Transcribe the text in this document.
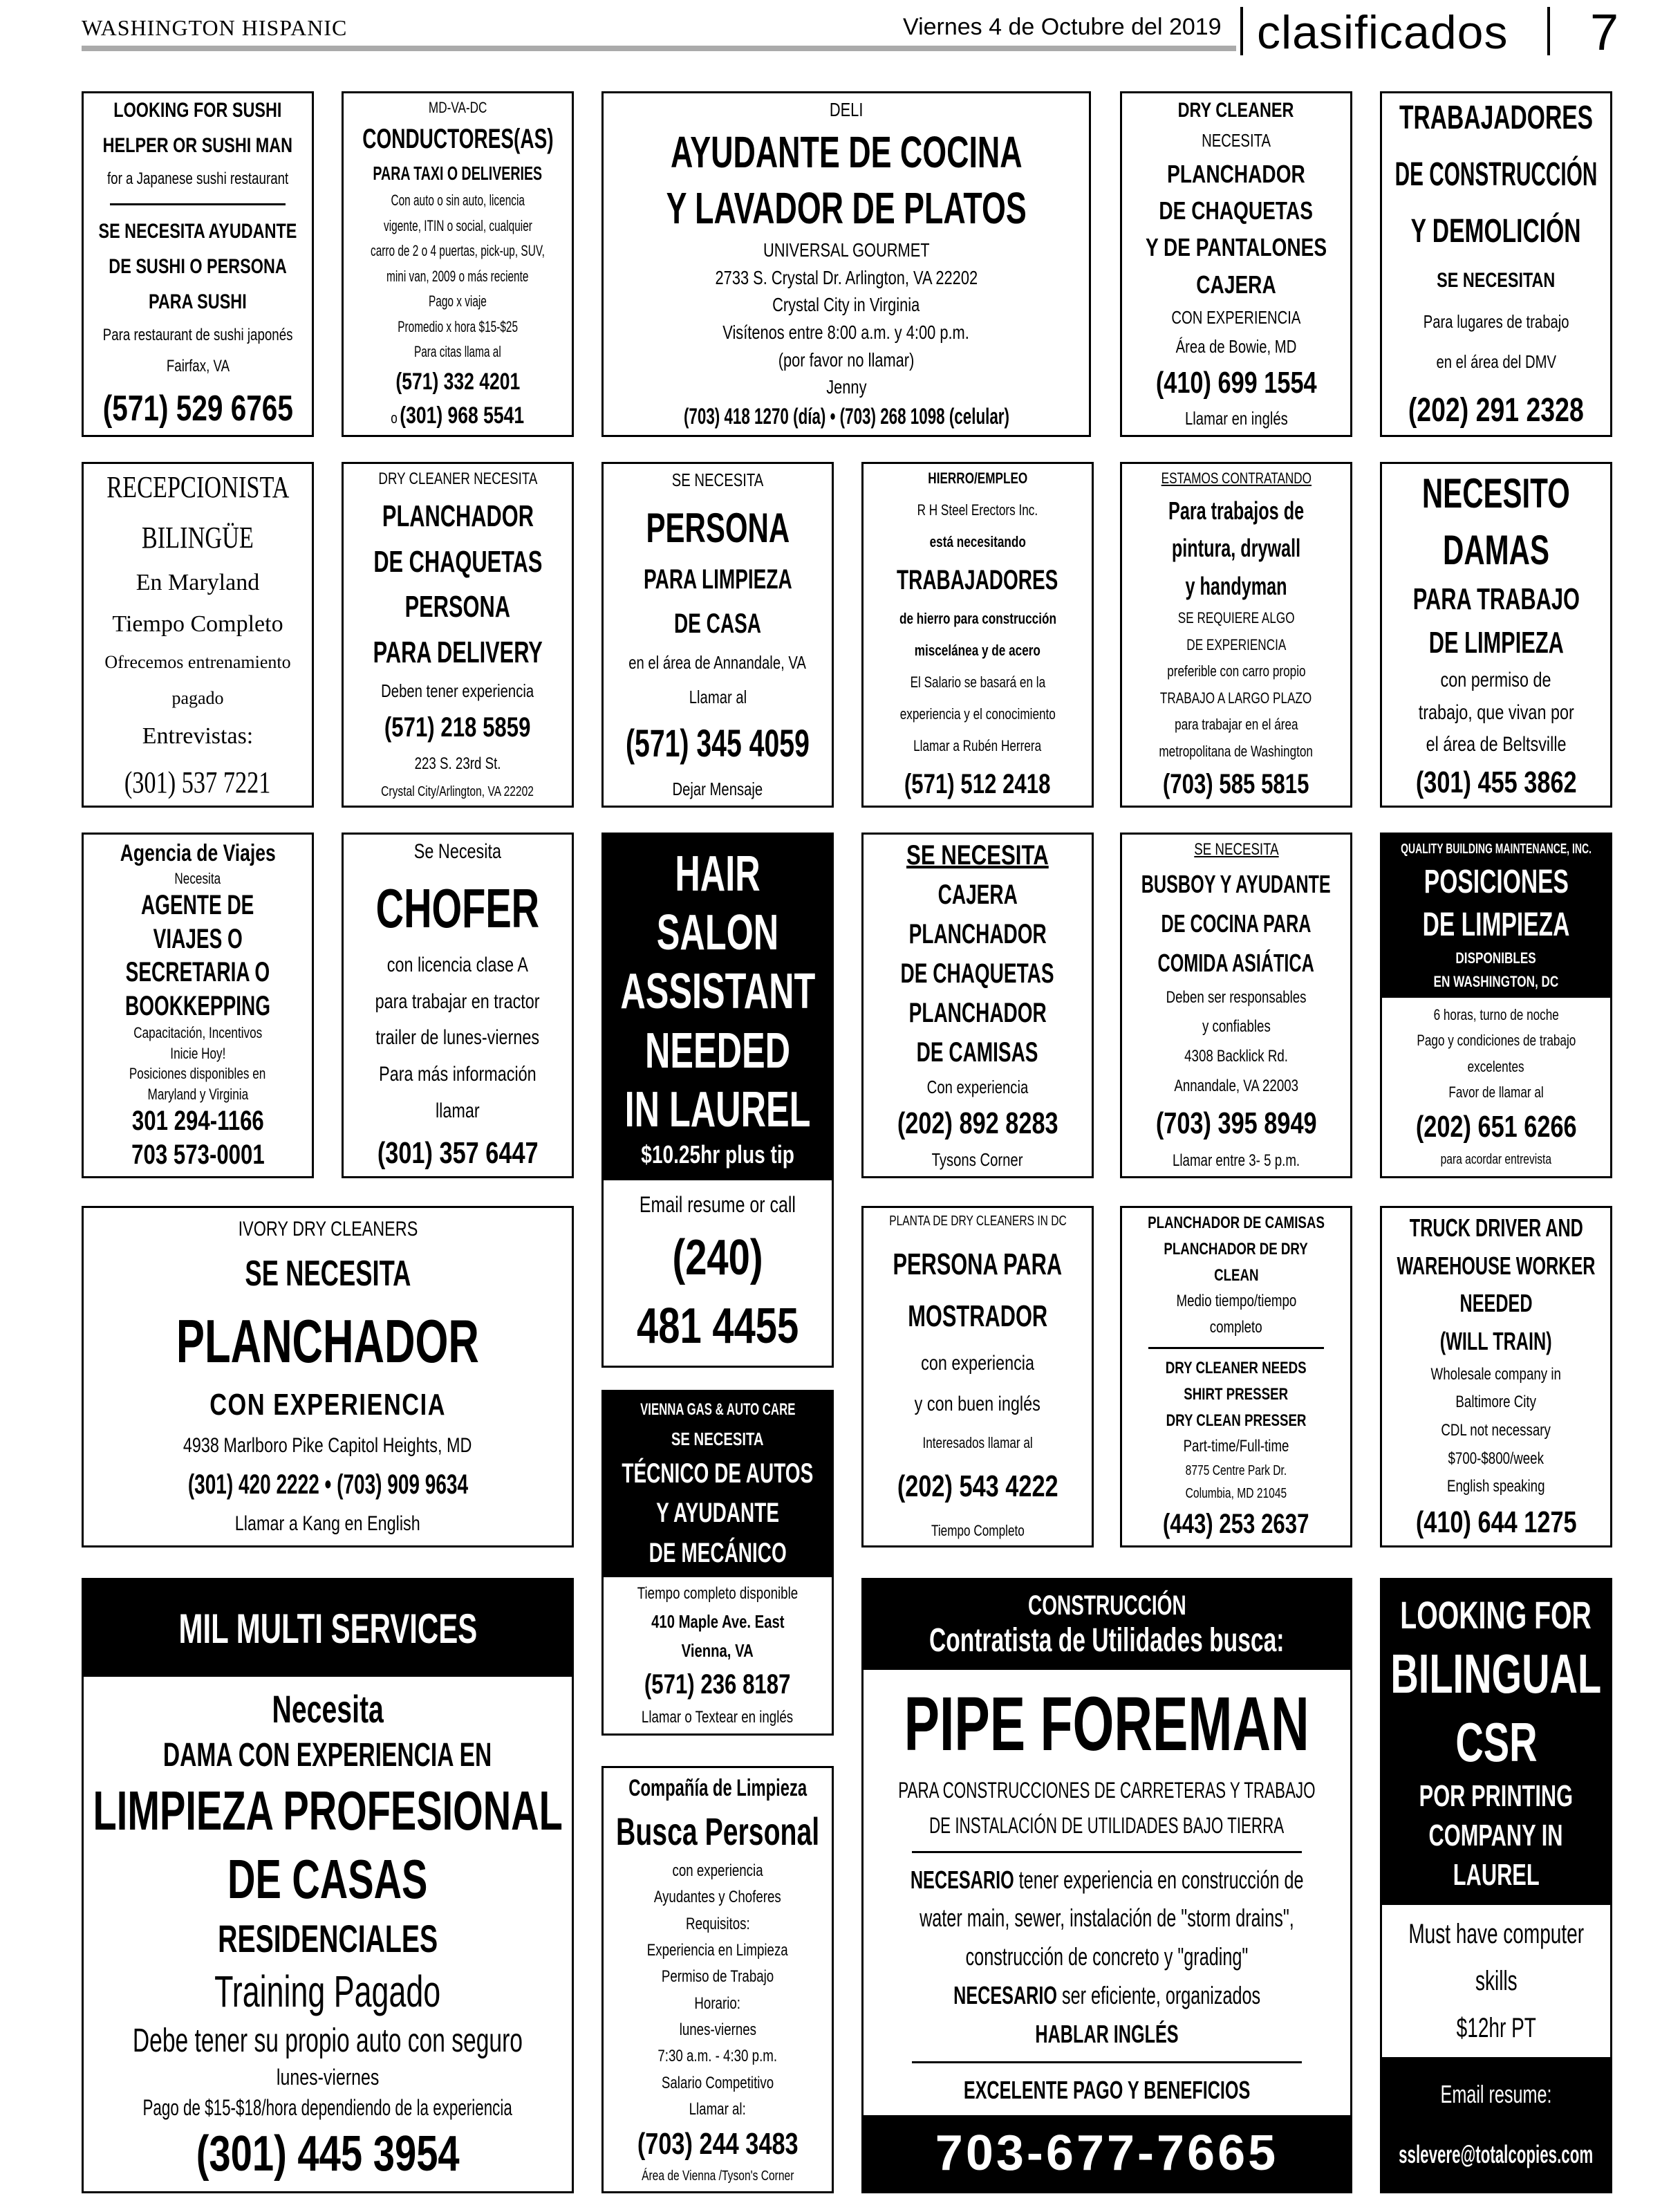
WASHINGTON HISPANIC	Viernes 4 de Octubre del 2019 clasificados 7
LOOKING FOR SUSHI
HELPER OR SUSHI MAN
for a Japanese sushi restaurant
SE NECESITA AYUDANTE
DE SUSHI O PERSONA
PARA SUSHI
Para restaurant de sushi japonés
Fairfax, VA
(571) 529 6765
MD-VA-DC
CONDUCTORES(AS)
PARA TAXI O DELIVERIES
Con auto o sin auto, licencia
vigente, ITIN o social, cualquier
carro de 2 o 4 puertas, pick-up, SUV,
mini van, 2009 o más reciente
Pago x viaje
Promedio x hora $15-$25
Para citas llama al
(571) 332 4201
o (301) 968 5541
DELI
AYUDANTE DE COCINA
Y LAVADOR DE PLATOS
UNIVERSAL GOURMET
2733 S. Crystal Dr. Arlington, VA 22202
Crystal City in Virginia
Visítenos entre 8:00 a.m. y 4:00 p.m.
(por favor no llamar)
Jenny
(703) 418 1270 (día) • (703) 268 1098 (celular)
DRY CLEANER
NECESITA
PLANCHADOR
DE CHAQUETAS
Y DE PANTALONES
CAJERA
CON EXPERIENCIA
Área de Bowie, MD
(410) 699 1554
Llamar en inglés
TRABAJADORES
DE CONSTRUCCIÓN
Y DEMOLICIÓN
SE NECESITAN
Para lugares de trabajo
en el área del DMV
(202) 291 2328
RECEPCIONISTA
BILINGÜE
En Maryland
Tiempo Completo
Ofrecemos entrenamiento
pagado
Entrevistas:
(301) 537 7221
DRY CLEANER NECESITA
PLANCHADOR
DE CHAQUETAS
PERSONA
PARA DELIVERY
Deben tener experiencia
(571) 218 5859
223 S. 23rd St.
Crystal City/Arlington, VA 22202
SE NECESITA
PERSONA
PARA LIMPIEZA
DE CASA
en el área de Annandale, VA
Llamar al
(571) 345 4059
Dejar Mensaje
HIERRO/EMPLEO
R H Steel Erectors Inc.
está necesitando
TRABAJADORES
de hierro para construcción
misceláneа y de acero
El Salario se basará en la
experiencia y el conocimiento
Llamar a Rubén Herrera
(571) 512 2418
ESTAMOS CONTRATANDO
Para trabajos de
pintura, drywall
y handyman
SE REQUIERE ALGO
DE EXPERIENCIA
preferible con carro propio
TRABAJO A LARGO PLAZO
para trabajar en el área
metropolitana de Washington
(703) 585 5815
NECESITO
DAMAS
PARA TRABAJO
DE LIMPIEZA
con permiso de
trabajo, que vivan por
el área de Beltsville
(301) 455 3862
Agencia de Viajes
Necesita
AGENTE DE
VIAJES O
SECRETARIA O
BOOKKEPPING
Capacitación, Incentivos
Inicie Hoy!
Posiciones disponibles en
Maryland y Virginia
301 294-1166
703 573-0001
Se Necesita
CHOFER
con licencia clase A
para trabajar en tractor
trailer de lunes-viernes
Para más información
llamar
(301) 357 6447
HAIR
SALON
ASSISTANT
NEEDED
IN LAUREL
$10.25hr plus tip
Email resume or call
(240)
481 4455
SE NECESITA
CAJERA
PLANCHADOR
DE CHAQUETAS
PLANCHADOR
DE CAMISAS
Con experiencia
(202) 892 8283
Tysons Corner
SE NECESITA
BUSBOY Y AYUDANTE
DE COCINA PARA
COMIDA ASIÁTICA
Deben ser responsables
y confiables
4308 Backlick Rd.
Annandale, VA 22003
(703) 395 8949
Llamar entre 3- 5 p.m.
QUALITY BUILDING MAINTENANCE, INC.
POSICIONES
DE LIMPIEZA
DISPONIBLES
EN WASHINGTON, DC
6 horas, turno de noche
Pago y condiciones de trabajo
excelentes
Favor de llamar al
(202) 651 6266
para acordar entrevista
IVORY DRY CLEANERS
SE NECESITA
PLANCHADOR
CON EXPERIENCIA
4938 Marlboro Pike Capitol Heights, MD
(301) 420 2222 • (703) 909 9634
Llamar a Kang en English
PLANTA DE DRY CLEANERS IN DC
PERSONA PARA
MOSTRADOR
con experiencia
y con buen inglés
Interesados llamar al
(202) 543 4222
Tiempo Completo
PLANCHADOR DE CAMISAS
PLANCHADOR DE DRY
CLEAN
Medio tiempo/tiempo
completo
DRY CLEANER NEEDS
SHIRT PRESSER
DRY CLEAN PRESSER
Part-time/Full-time
8775 Centre Park Dr.
Columbia, MD 21045
(443) 253 2637
TRUCK DRIVER AND
WAREHOUSE WORKER
NEEDED
(WILL TRAIN)
Wholesale company in
Baltimore City
CDL not necessary
$700-$800/week
English speaking
(410) 644 1275
VIENNA GAS & AUTO CARE
SE NECESITA
TÉCNICO DE AUTOS
Y AYUDANTE
DE MECÁNICO
Tiempo completo disponible
410 Maple Ave. East
Vienna, VA
(571) 236 8187
Llamar o Textear en inglés
MIL MULTI SERVICES
Necesita
DAMA CON EXPERIENCIA EN
LIMPIEZA PROFESIONAL
DE CASAS
RESIDENCIALES
Training Pagado
Debe tener su propio auto con seguro
lunes-viernes
Pago de $15-$18/hora dependiendo de la experiencia
(301) 445 3954
Compañía de Limpieza
Busca Personal
con experiencia
Ayudantes y Choferes
Requisitos:
Experiencia en Limpieza
Permiso de Trabajo
Horario:
lunes-viernes
7:30 a.m. - 4:30 p.m.
Salario Competitivo
Llamar al:
(703) 244 3483
Área de Vienna /Tyson's Corner
CONSTRUCCIÓN
Contratista de Utilidades busca:
PIPE FOREMAN
PARA CONSTRUCCIONES DE CARRETERAS Y TRABAJO
DE INSTALACIÓN DE UTILIDADES BAJO TIERRA
NECESARIO tener experiencia en construcción de
water main, sewer, instalación de "storm drains",
construcción de concreto y "grading"
NECESARIO ser eficiente, organizados
HABLAR INGLÉS
EXCELENTE PAGO Y BENEFICIOS
703-677-7665
LOOKING FOR
BILINGUAL
CSR
POR PRINTING
COMPANY IN
LAUREL
Must have computer
skills
$12hr PT
Email resume:
sslevere@totalcopies.com
